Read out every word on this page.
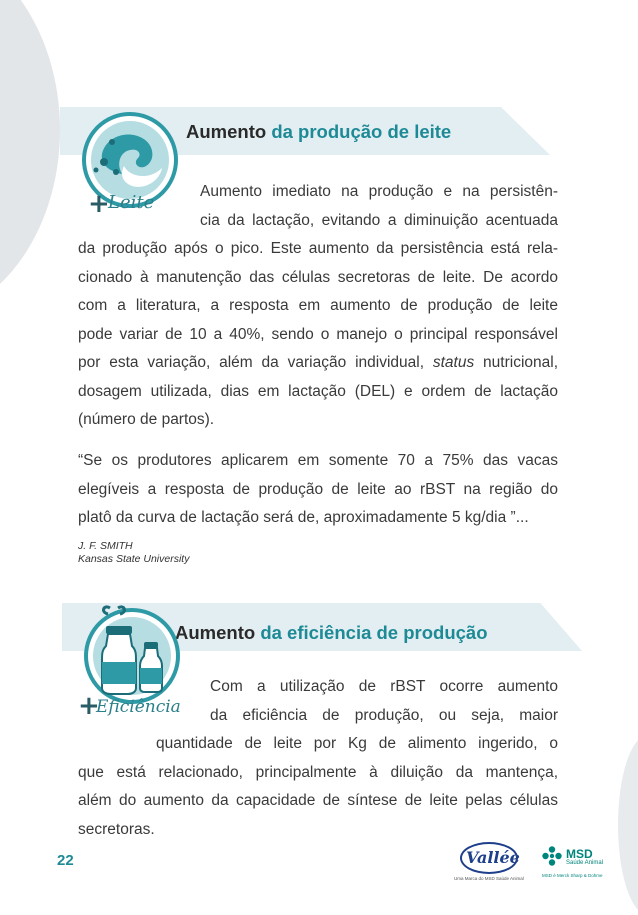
Aumento da produção de leite
+
Leite
Aumento imediato na produção e na persistên-
cia da lactação, evitando a diminuição acentuada
da produção após o pico. Este aumento da persistência está rela-
cionado à manutenção das células secretoras de leite. De acordo
com a literatura, a resposta em aumento de produção de leite
pode variar de 10 a 40%, sendo o manejo o principal responsável
por esta variação, além da variação individual, status nutricional,
dosagem utilizada, dias em lactação (DEL) e ordem de lactação
(número de partos).
“Se os produtores aplicarem em somente 70 a 75% das vacas
elegíveis a resposta de produção de leite ao rBST na região do
platô da curva de lactação será de, aproximadamente 5 kg/dia ”...
J. F. SMITH
Kansas State University
Aumento da eficiência de produção
+
Eficiência
Com a utilização de rBST ocorre aumento
da eficiência de produção, ou seja, maior
quantidade de leite por Kg de alimento ingerido, o
que está relacionado, principalmente à diluição da mantença,
além do aumento da capacidade de síntese de leite pelas células
secretoras.
22	Vallée
Uma Marca do MSD Saúde Animal
MSD
Saúde Animal
MSD é Merck Sharp & Dohme
